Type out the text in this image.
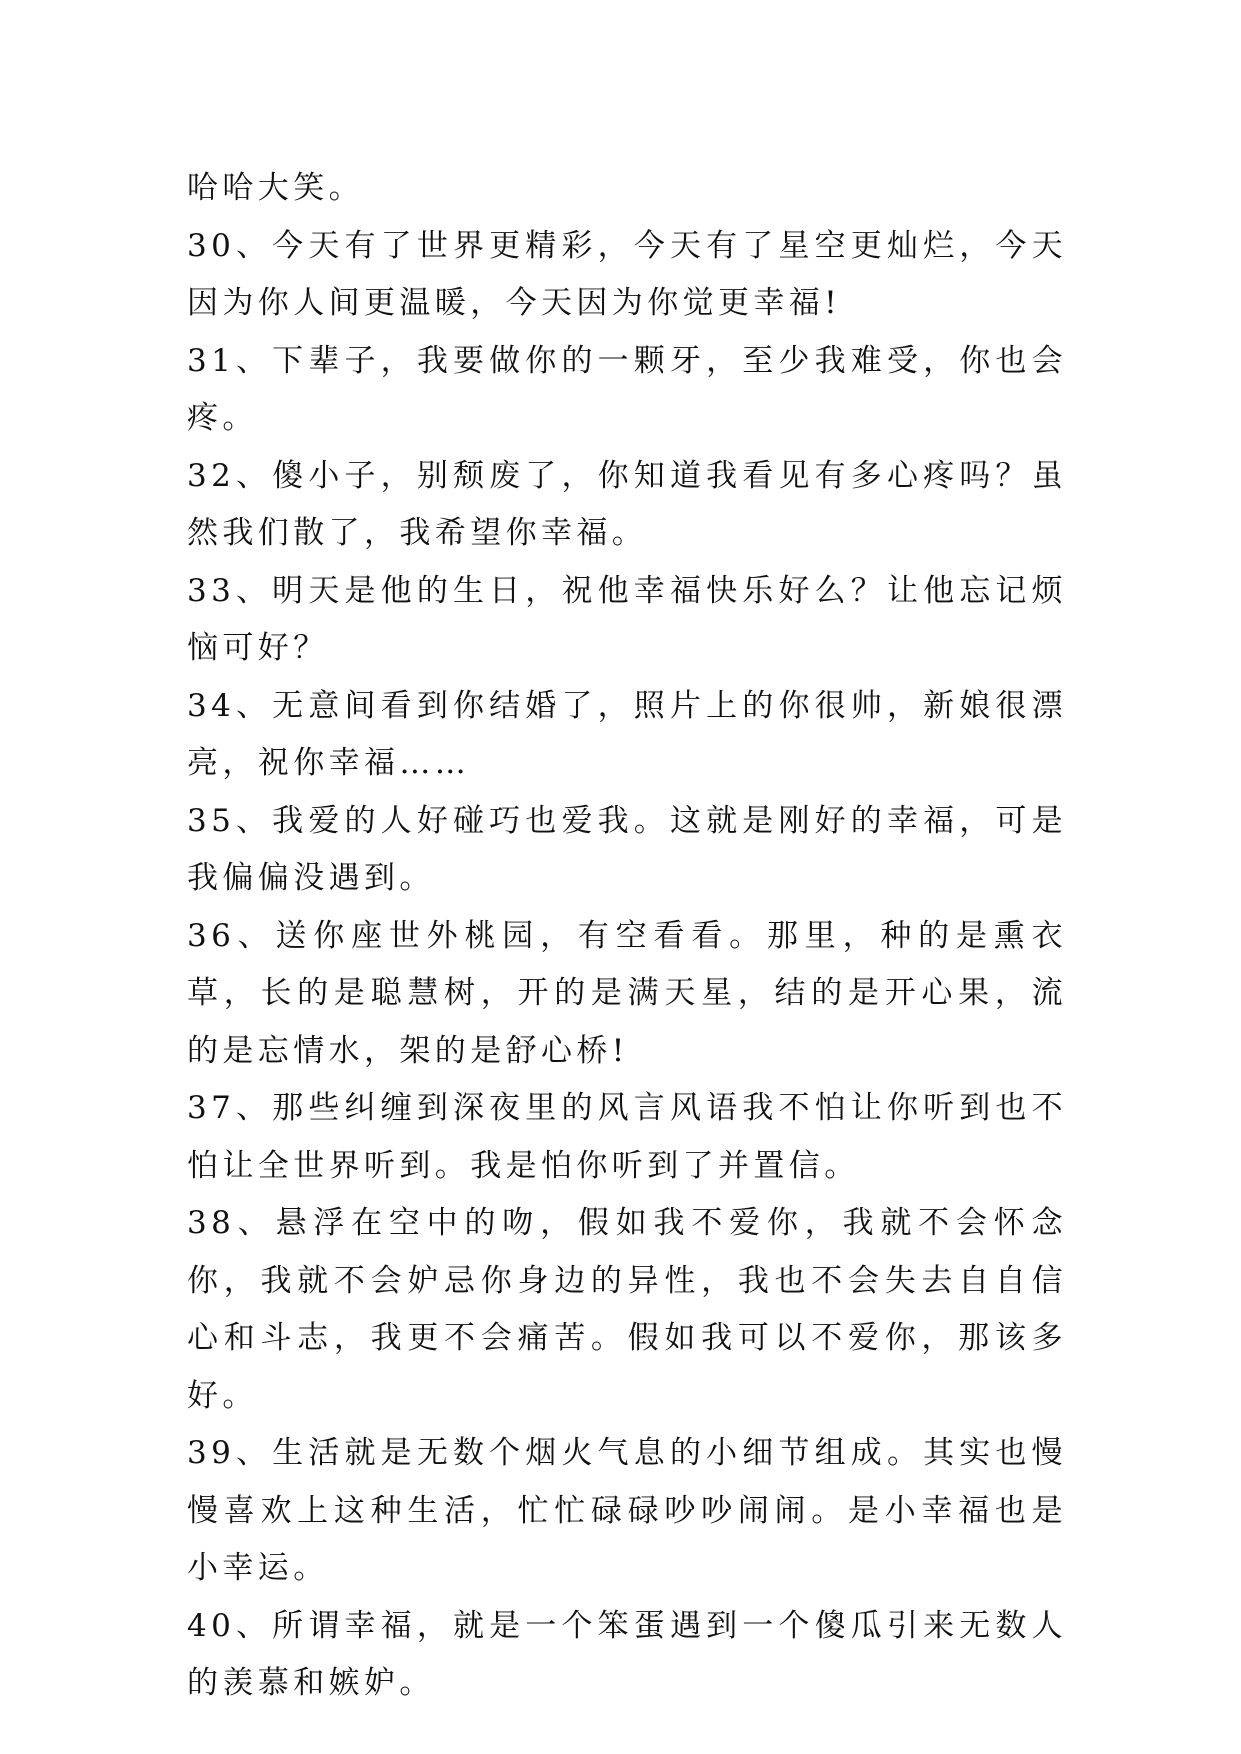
哈哈大笑。

30、今天有了世界更精彩，今天有了星空更灿烂，今天因为你人间更温暖，今天因为你觉更幸福!

31、下辈子，我要做你的一颗牙，至少我难受，你也会疼。

32、傻小子，别颓废了，你知道我看见有多心疼吗？虽然我们散了，我希望你幸福。

33、明天是他的生日，祝他幸福快乐好么？让他忘记烦恼可好？

34、无意间看到你结婚了，照片上的你很帅，新娘很漂亮，祝你幸福……

35、我爱的人好碰巧也爱我。这就是刚好的幸福，可是我偏偏没遇到。

36、送你座世外桃园，有空看看。那里，种的是熏衣草，长的是聪慧树，开的是满天星，结的是开心果，流的是忘情水，架的是舒心桥!

37、那些纠缠到深夜里的风言风语我不怕让你听到也不怕让全世界听到。我是怕你听到了并置信。

38、悬浮在空中的吻，假如我不爱你，我就不会怀念你，我就不会妒忌你身边的异性，我也不会失去自自信心和斗志，我更不会痛苦。假如我可以不爱你，那该多好。

39、生活就是无数个烟火气息的小细节组成。其实也慢慢喜欢上这种生活，忙忙碌碌吵吵闹闹。是小幸福也是小幸运。

40、所谓幸福，就是一个笨蛋遇到一个傻瓜引来无数人的羡慕和嫉妒。
